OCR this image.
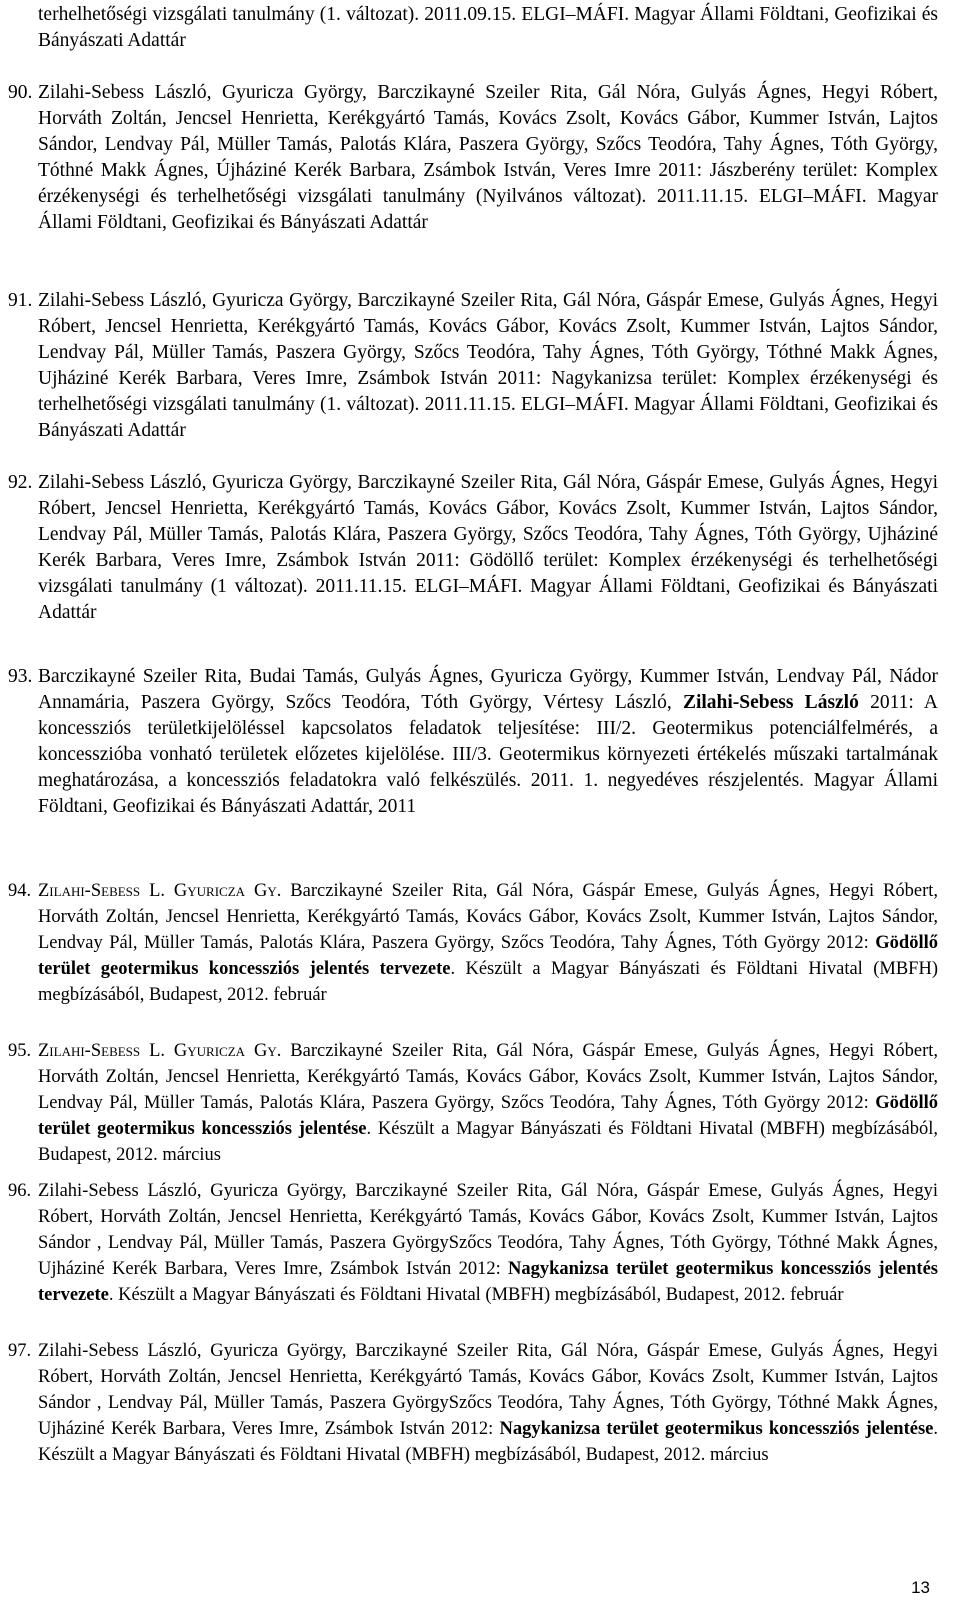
terhelhetőségi vizsgálati tanulmány (1. változat). 2011.09.15. ELGI–MÁFI. Magyar Állami Földtani, Geofizikai és Bányászati Adattár

90. Zilahi-Sebess László, Gyuricza György, Barczikayné Szeiler Rita, Gál Nóra, Gulyás Ágnes, Hegyi Róbert, Horváth Zoltán, Jencsel Henrietta, Kerékgyártó Tamás, Kovács Zsolt, Kovács Gábor, Kummer István, Lajtos Sándor, Lendvay Pál, Müller Tamás, Palotás Klára, Paszera György, Szőcs Teodóra, Tahy Ágnes, Tóth György, Tóthné Makk Ágnes, Újháziné Kerék Barbara, Zsámbok István, Veres Imre 2011: Jászberény terület: Komplex érzékenységi és terhelhetőségi vizsgálati tanulmány (Nyilvános változat). 2011.11.15. ELGI–MÁFI. Magyar Állami Földtani, Geofizikai és Bányászati Adattár

91. Zilahi-Sebess László, Gyuricza György, Barczikayné Szeiler Rita, Gál Nóra, Gáspár Emese, Gulyás Ágnes, Hegyi Róbert, Jencsel Henrietta, Kerékgyártó Tamás, Kovács Gábor, Kovács Zsolt, Kummer István, Lajtos Sándor, Lendvay Pál, Müller Tamás, Paszera György, Szőcs Teodóra, Tahy Ágnes, Tóth György, Tóthné Makk Ágnes, Ujháziné Kerék Barbara, Veres Imre, Zsámbok István 2011: Nagykanizsa terület: Komplex érzékenységi és terhelhetőségi vizsgálati tanulmány (1. változat). 2011.11.15. ELGI–MÁFI. Magyar Állami Földtani, Geofizikai és Bányászati Adattár

92. Zilahi-Sebess László, Gyuricza György, Barczikayné Szeiler Rita, Gál Nóra, Gáspár Emese, Gulyás Ágnes, Hegyi Róbert, Jencsel Henrietta, Kerékgyártó Tamás, Kovács Gábor, Kovács Zsolt, Kummer István, Lajtos Sándor, Lendvay Pál, Müller Tamás, Palotás Klára, Paszera György, Szőcs Teodóra, Tahy Ágnes, Tóth György, Ujháziné Kerék Barbara, Veres Imre, Zsámbok István 2011: Gödöllő terület: Komplex érzékenységi és terhelhetőségi vizsgálati tanulmány (1 változat). 2011.11.15. ELGI–MÁFI. Magyar Állami Földtani, Geofizikai és Bányászati Adattár

93. Barczikayné Szeiler Rita, Budai Tamás, Gulyás Ágnes, Gyuricza György, Kummer István, Lendvay Pál, Nádor Annamária, Paszera György, Szőcs Teodóra, Tóth György, Vértesy László, Zilahi-Sebess László 2011: A koncessziós területkijelöléssel kapcsolatos feladatok teljesítése: III/2. Geotermikus potenciálfelmérés, a koncesszióba vonható területek előzetes kijelölése. III/3. Geotermikus környezeti értékelés műszaki tartalmának meghatározása, a koncessziós feladatokra való felkészülés. 2011. 1. negyedéves részjelentés. Magyar Állami Földtani, Geofizikai és Bányászati Adattár, 2011

94. Zilahi-Sebess L. Gyuricza Gy. Barczikayné Szeiler Rita, Gál Nóra, Gáspár Emese, Gulyás Ágnes, Hegyi Róbert, Horváth Zoltán, Jencsel Henrietta, Kerékgyártó Tamás, Kovács Gábor, Kovács Zsolt, Kummer István, Lajtos Sándor, Lendvay Pál, Müller Tamás, Palotás Klára, Paszera György, Szőcs Teodóra, Tahy Ágnes, Tóth György 2012: Gödöllő terület geotermikus koncessziós jelentés tervezete. Készült a Magyar Bányászati és Földtani Hivatal (MBFH) megbízásából, Budapest, 2012. február

95. Zilahi-Sebess L. Gyuricza Gy. Barczikayné Szeiler Rita, Gál Nóra, Gáspár Emese, Gulyás Ágnes, Hegyi Róbert, Horváth Zoltán, Jencsel Henrietta, Kerékgyártó Tamás, Kovács Gábor, Kovács Zsolt, Kummer István, Lajtos Sándor, Lendvay Pál, Müller Tamás, Palotás Klára, Paszera György, Szőcs Teodóra, Tahy Ágnes, Tóth György 2012: Gödöllő terület geotermikus koncessziós jelentése. Készült a Magyar Bányászati és Földtani Hivatal (MBFH) megbízásából, Budapest, 2012. március

96. Zilahi-Sebess László, Gyuricza György, Barczikayné Szeiler Rita, Gál Nóra, Gáspár Emese, Gulyás Ágnes, Hegyi Róbert, Horváth Zoltán, Jencsel Henrietta, Kerékgyártó Tamás, Kovács Gábor, Kovács Zsolt, Kummer István, Lajtos Sándor , Lendvay Pál, Müller Tamás, Paszera GyörgySzőcs Teodóra, Tahy Ágnes, Tóth György, Tóthné Makk Ágnes, Ujháziné Kerék Barbara, Veres Imre, Zsámbok István 2012: Nagykanizsa terület geotermikus koncessziós jelentés tervezete. Készült a Magyar Bányászati és Földtani Hivatal (MBFH) megbízásából, Budapest, 2012. február

97. Zilahi-Sebess László, Gyuricza György, Barczikayné Szeiler Rita, Gál Nóra, Gáspár Emese, Gulyás Ágnes, Hegyi Róbert, Horváth Zoltán, Jencsel Henrietta, Kerékgyártó Tamás, Kovács Gábor, Kovács Zsolt, Kummer István, Lajtos Sándor , Lendvay Pál, Müller Tamás, Paszera GyörgySzőcs Teodóra, Tahy Ágnes, Tóth György, Tóthné Makk Ágnes, Ujháziné Kerék Barbara, Veres Imre, Zsámbok István 2012: Nagykanizsa terület geotermikus koncessziós jelentése. Készült a Magyar Bányászati és Földtani Hivatal (MBFH) megbízásából, Budapest, 2012. március

13
